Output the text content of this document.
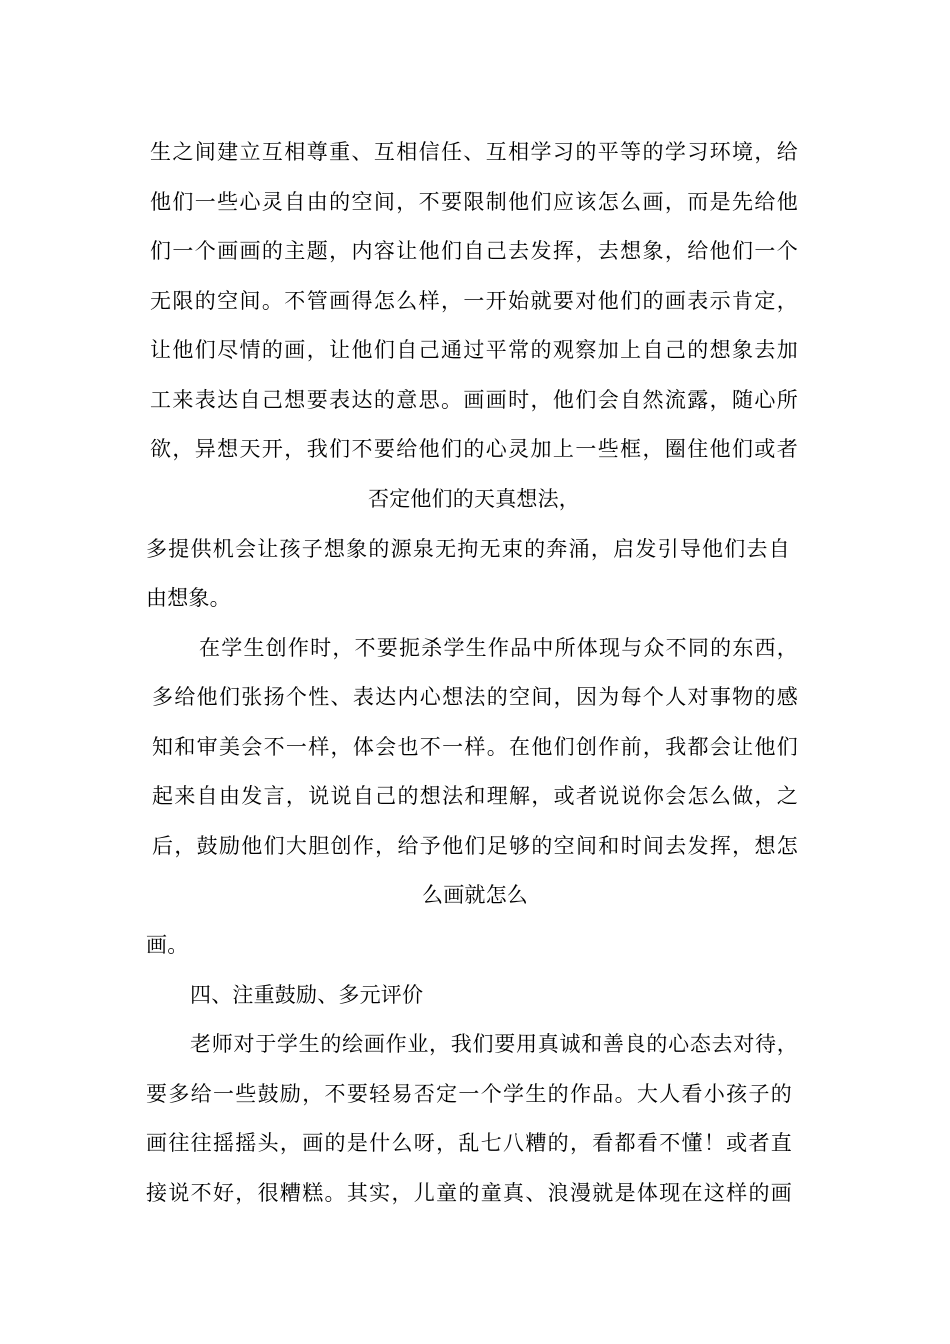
生之间建立互相尊重、互相信任、互相学习的平等的学习环境，给
他们一些心灵自由的空间，不要限制他们应该怎么画，而是先给他
们一个画画的主题，内容让他们自己去发挥，去想象，给他们一个
无限的空间。不管画得怎么样，一开始就要对他们的画表示肯定，
让他们尽情的画，让他们自己通过平常的观察加上自己的想象去加
工来表达自己想要表达的意思。画画时，他们会自然流露，随心所
欲，异想天开，我们不要给他们的心灵加上一些框，圈住他们或者
否定他们的天真想法，
多提供机会让孩子想象的源泉无拘无束的奔涌，启发引导他们去自
由想象。
在学生创作时，不要扼杀学生作品中所体现与众不同的东西，
多给他们张扬个性、表达内心想法的空间，因为每个人对事物的感
知和审美会不一样，体会也不一样。在他们创作前，我都会让他们
起来自由发言，说说自己的想法和理解，或者说说你会怎么做，之
后，鼓励他们大胆创作，给予他们足够的空间和时间去发挥，想怎
么画就怎么
画。
四、注重鼓励、多元评价
老师对于学生的绘画作业，我们要用真诚和善良的心态去对待，
要多给一些鼓励，不要轻易否定一个学生的作品。大人看小孩子的
画往往摇摇头，画的是什么呀，乱七八糟的，看都看不懂！或者直
接说不好，很糟糕。其实，儿童的童真、浪漫就是体现在这样的画
